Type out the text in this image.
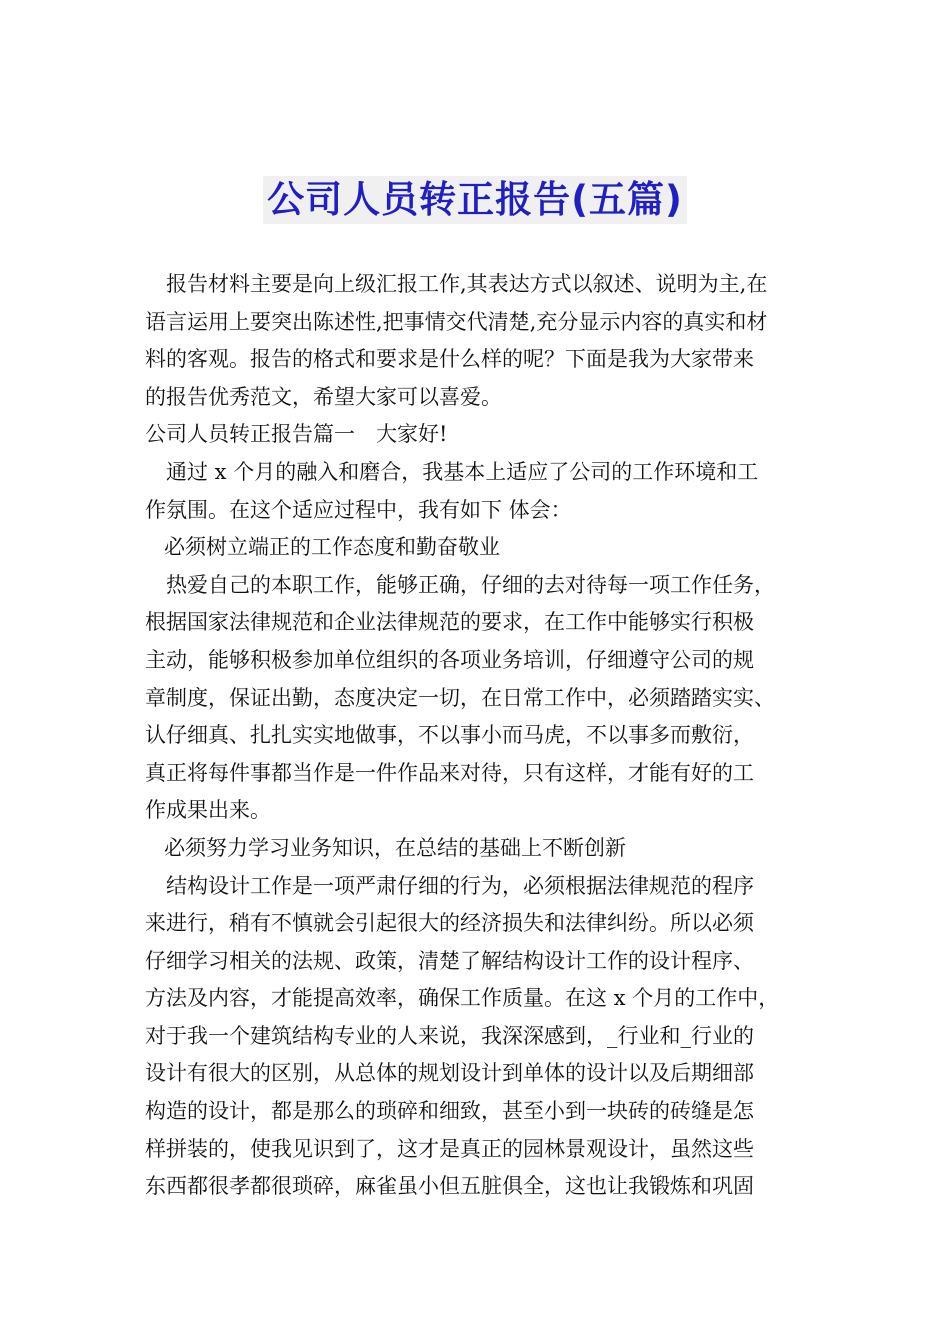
公司人员转正报告(五篇)
报告材料主要是向上级汇报工作,其表达方式以叙述、说明为主,在
语言运用上要突出陈述性,把事情交代清楚,充分显示内容的真实和材
料的客观。报告的格式和要求是什么样的呢？下面是我为大家带来
的报告优秀范文，希望大家可以喜爱。
公司人员转正报告篇一　大家好!
通过 x 个月的融入和磨合，我基本上适应了公司的工作环境和工
作氛围。在这个适应过程中，我有如下 体会：
必须树立端正的工作态度和勤奋敬业
热爱自己的本职工作，能够正确，仔细的去对待每一项工作任务，
根据国家法律规范和企业法律规范的要求，在工作中能够实行积极
主动，能够积极参加单位组织的各项业务培训，仔细遵守公司的规
章制度，保证出勤，态度决定一切，在日常工作中，必须踏踏实实、
认仔细真、扎扎实实地做事，不以事小而马虎，不以事多而敷衍，
真正将每件事都当作是一件作品来对待，只有这样，才能有好的工
作成果出来。
必须努力学习业务知识，在总结的基础上不断创新
结构设计工作是一项严肃仔细的行为，必须根据法律规范的程序
来进行，稍有不慎就会引起很大的经济损失和法律纠纷。所以必须
仔细学习相关的法规、政策，清楚了解结构设计工作的设计程序、
方法及内容，才能提高效率，确保工作质量。在这 x 个月的工作中，
对于我一个建筑结构专业的人来说，我深深感到，_行业和_行业的
设计有很大的区别，从总体的规划设计到单体的设计以及后期细部
构造的设计，都是那么的琐碎和细致，甚至小到一块砖的砖缝是怎
样拼装的，使我见识到了，这才是真正的园林景观设计，虽然这些
东西都很孝都很琐碎，麻雀虽小但五脏俱全，这也让我锻炼和巩固
